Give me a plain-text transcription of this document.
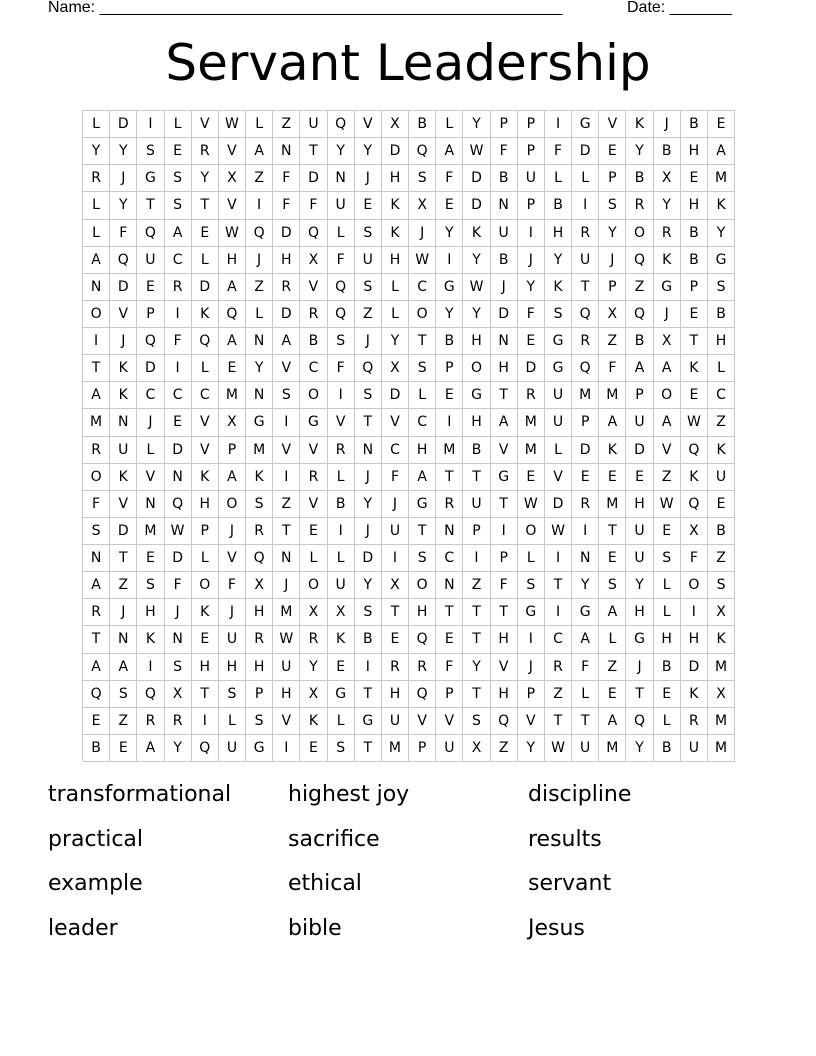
Name: ____________________________________________________	Date: _______
Servant Leadership
L	D	I	L	V	W	L	Z	U	Q	V	X	B	L	Y	P	P	I	G	V	K	J	B	E
Y	Y	S	E	R	V	A	N	T	Y	Y	D	Q	A	W	F	P	F	D	E	Y	B	H	A
R	J	G	S	Y	X	Z	F	D	N	J	H	S	F	D	B	U	L	L	P	B	X	E	M
L	Y	T	S	T	V	I	F	F	U	E	K	X	E	D	N	P	B	I	S	R	Y	H	K
L	F	Q	A	E	W	Q	D	Q	L	S	K	J	Y	K	U	I	H	R	Y	O	R	B	Y
A	Q	U	C	L	H	J	H	X	F	U	H	W	I	Y	B	J	Y	U	J	Q	K	B	G
N	D	E	R	D	A	Z	R	V	Q	S	L	C	G	W	J	Y	K	T	P	Z	G	P	S
O	V	P	I	K	Q	L	D	R	Q	Z	L	O	Y	Y	D	F	S	Q	X	Q	J	E	B
I	J	Q	F	Q	A	N	A	B	S	J	Y	T	B	H	N	E	G	R	Z	B	X	T	H
T	K	D	I	L	E	Y	V	C	F	Q	X	S	P	O	H	D	G	Q	F	A	A	K	L
A	K	C	C	C	M	N	S	O	I	S	D	L	E	G	T	R	U	M	M	P	O	E	C
M	N	J	E	V	X	G	I	G	V	T	V	C	I	H	A	M	U	P	A	U	A	W	Z
R	U	L	D	V	P	M	V	V	R	N	C	H	M	B	V	M	L	D	K	D	V	Q	K
O	K	V	N	K	A	K	I	R	L	J	F	A	T	T	G	E	V	E	E	E	Z	K	U
F	V	N	Q	H	O	S	Z	V	B	Y	J	G	R	U	T	W	D	R	M	H	W	Q	E
S	D	M	W	P	J	R	T	E	I	J	U	T	N	P	I	O	W	I	T	U	E	X	B
N	T	E	D	L	V	Q	N	L	L	D	I	S	C	I	P	L	I	N	E	U	S	F	Z
A	Z	S	F	O	F	X	J	O	U	Y	X	O	N	Z	F	S	T	Y	S	Y	L	O	S
R	J	H	J	K	J	H	M	X	X	S	T	H	T	T	T	G	I	G	A	H	L	I	X
T	N	K	N	E	U	R	W	R	K	B	E	Q	E	T	H	I	C	A	L	G	H	H	K
A	A	I	S	H	H	H	U	Y	E	I	R	R	F	Y	V	J	R	F	Z	J	B	D	M
Q	S	Q	X	T	S	P	H	X	G	T	H	Q	P	T	H	P	Z	L	E	T	E	K	X
E	Z	R	R	I	L	S	V	K	L	G	U	V	V	S	Q	V	T	T	A	Q	L	R	M
B	E	A	Y	Q	U	G	I	E	S	T	M	P	U	X	Z	Y	W	U	M	Y	B	U	M
transformational	highest joy	discipline
practical	sacrifice	results
example	ethical	servant
leader	bible	Jesus
